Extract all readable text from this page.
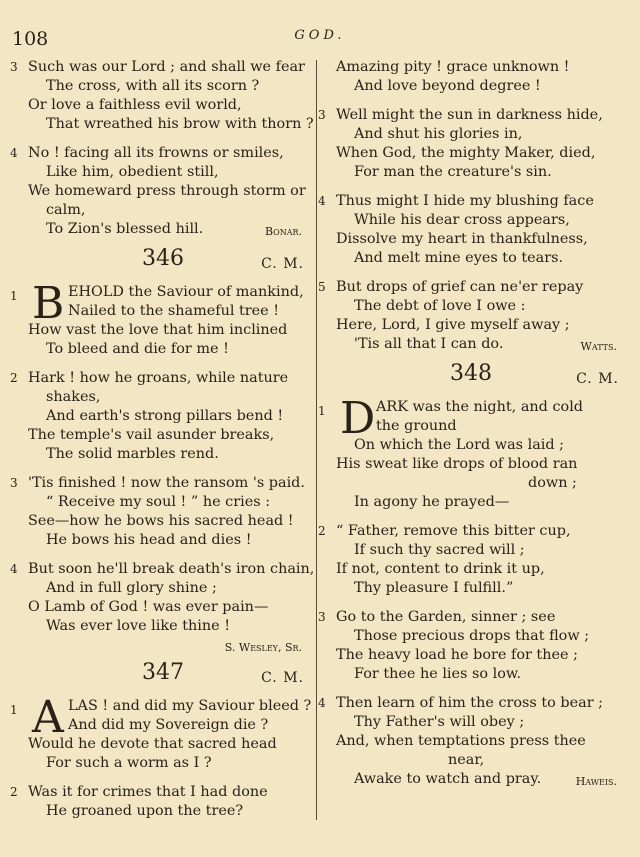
108	GOD.
3 Such was our Lord ; and shall we fear
The cross, with all its scorn ?
Or love a faithless evil world,
That wreathed his brow with thorn ?
4 No ! facing all its frowns or smiles,
Like him, obedient still,
We homeward press through storm or
calm,
To Zion's blessed hill.	Bonar.
346	C. M.
1 B EHOLD the Saviour of mankind,
Nailed to the shameful tree !
How vast the love that him inclined
To bleed and die for me !
2 Hark ! how he groans, while nature
shakes,
And earth's strong pillars bend !
The temple's vail asunder breaks,
The solid marbles rend.
3 'Tis finished ! now the ransom 's paid.
“ Receive my soul ! ” he cries :
See—how he bows his sacred head !
He bows his head and dies !
4 But soon he'll break death's iron chain,
And in full glory shine ;
O Lamb of God ! was ever pain—
Was ever love like thine !
S. Wesley, Sr.
347	C. M.
1 A LAS ! and did my Saviour bleed ?
And did my Sovereign die ?
Would he devote that sacred head
For such a worm as I ?
2 Was it for crimes that I had done
He groaned upon the tree?
Amazing pity ! grace unknown !
And love beyond degree !
3 Well might the sun in darkness hide,
And shut his glories in,
When God, the mighty Maker, died,
For man the creature's sin.
4 Thus might I hide my blushing face
While his dear cross appears,
Dissolve my heart in thankfulness,
And melt mine eyes to tears.
5 But drops of grief can ne'er repay
The debt of love I owe :
Here, Lord, I give myself away ;
'Tis all that I can do.	Watts.
348	C. M.
1 D ARK was the night, and cold
the ground
On which the Lord was laid ;
His sweat like drops of blood ran
down ;
In agony he prayed—
2 “ Father, remove this bitter cup,
If such thy sacred will ;
If not, content to drink it up,
Thy pleasure I fulfill.”
3 Go to the Garden, sinner ; see
Those precious drops that flow ;
The heavy load he bore for thee ;
For thee he lies so low.
4 Then learn of him the cross to bear ;
Thy Father's will obey ;
And, when temptations press thee
near,
Awake to watch and pray.	Haweis.
